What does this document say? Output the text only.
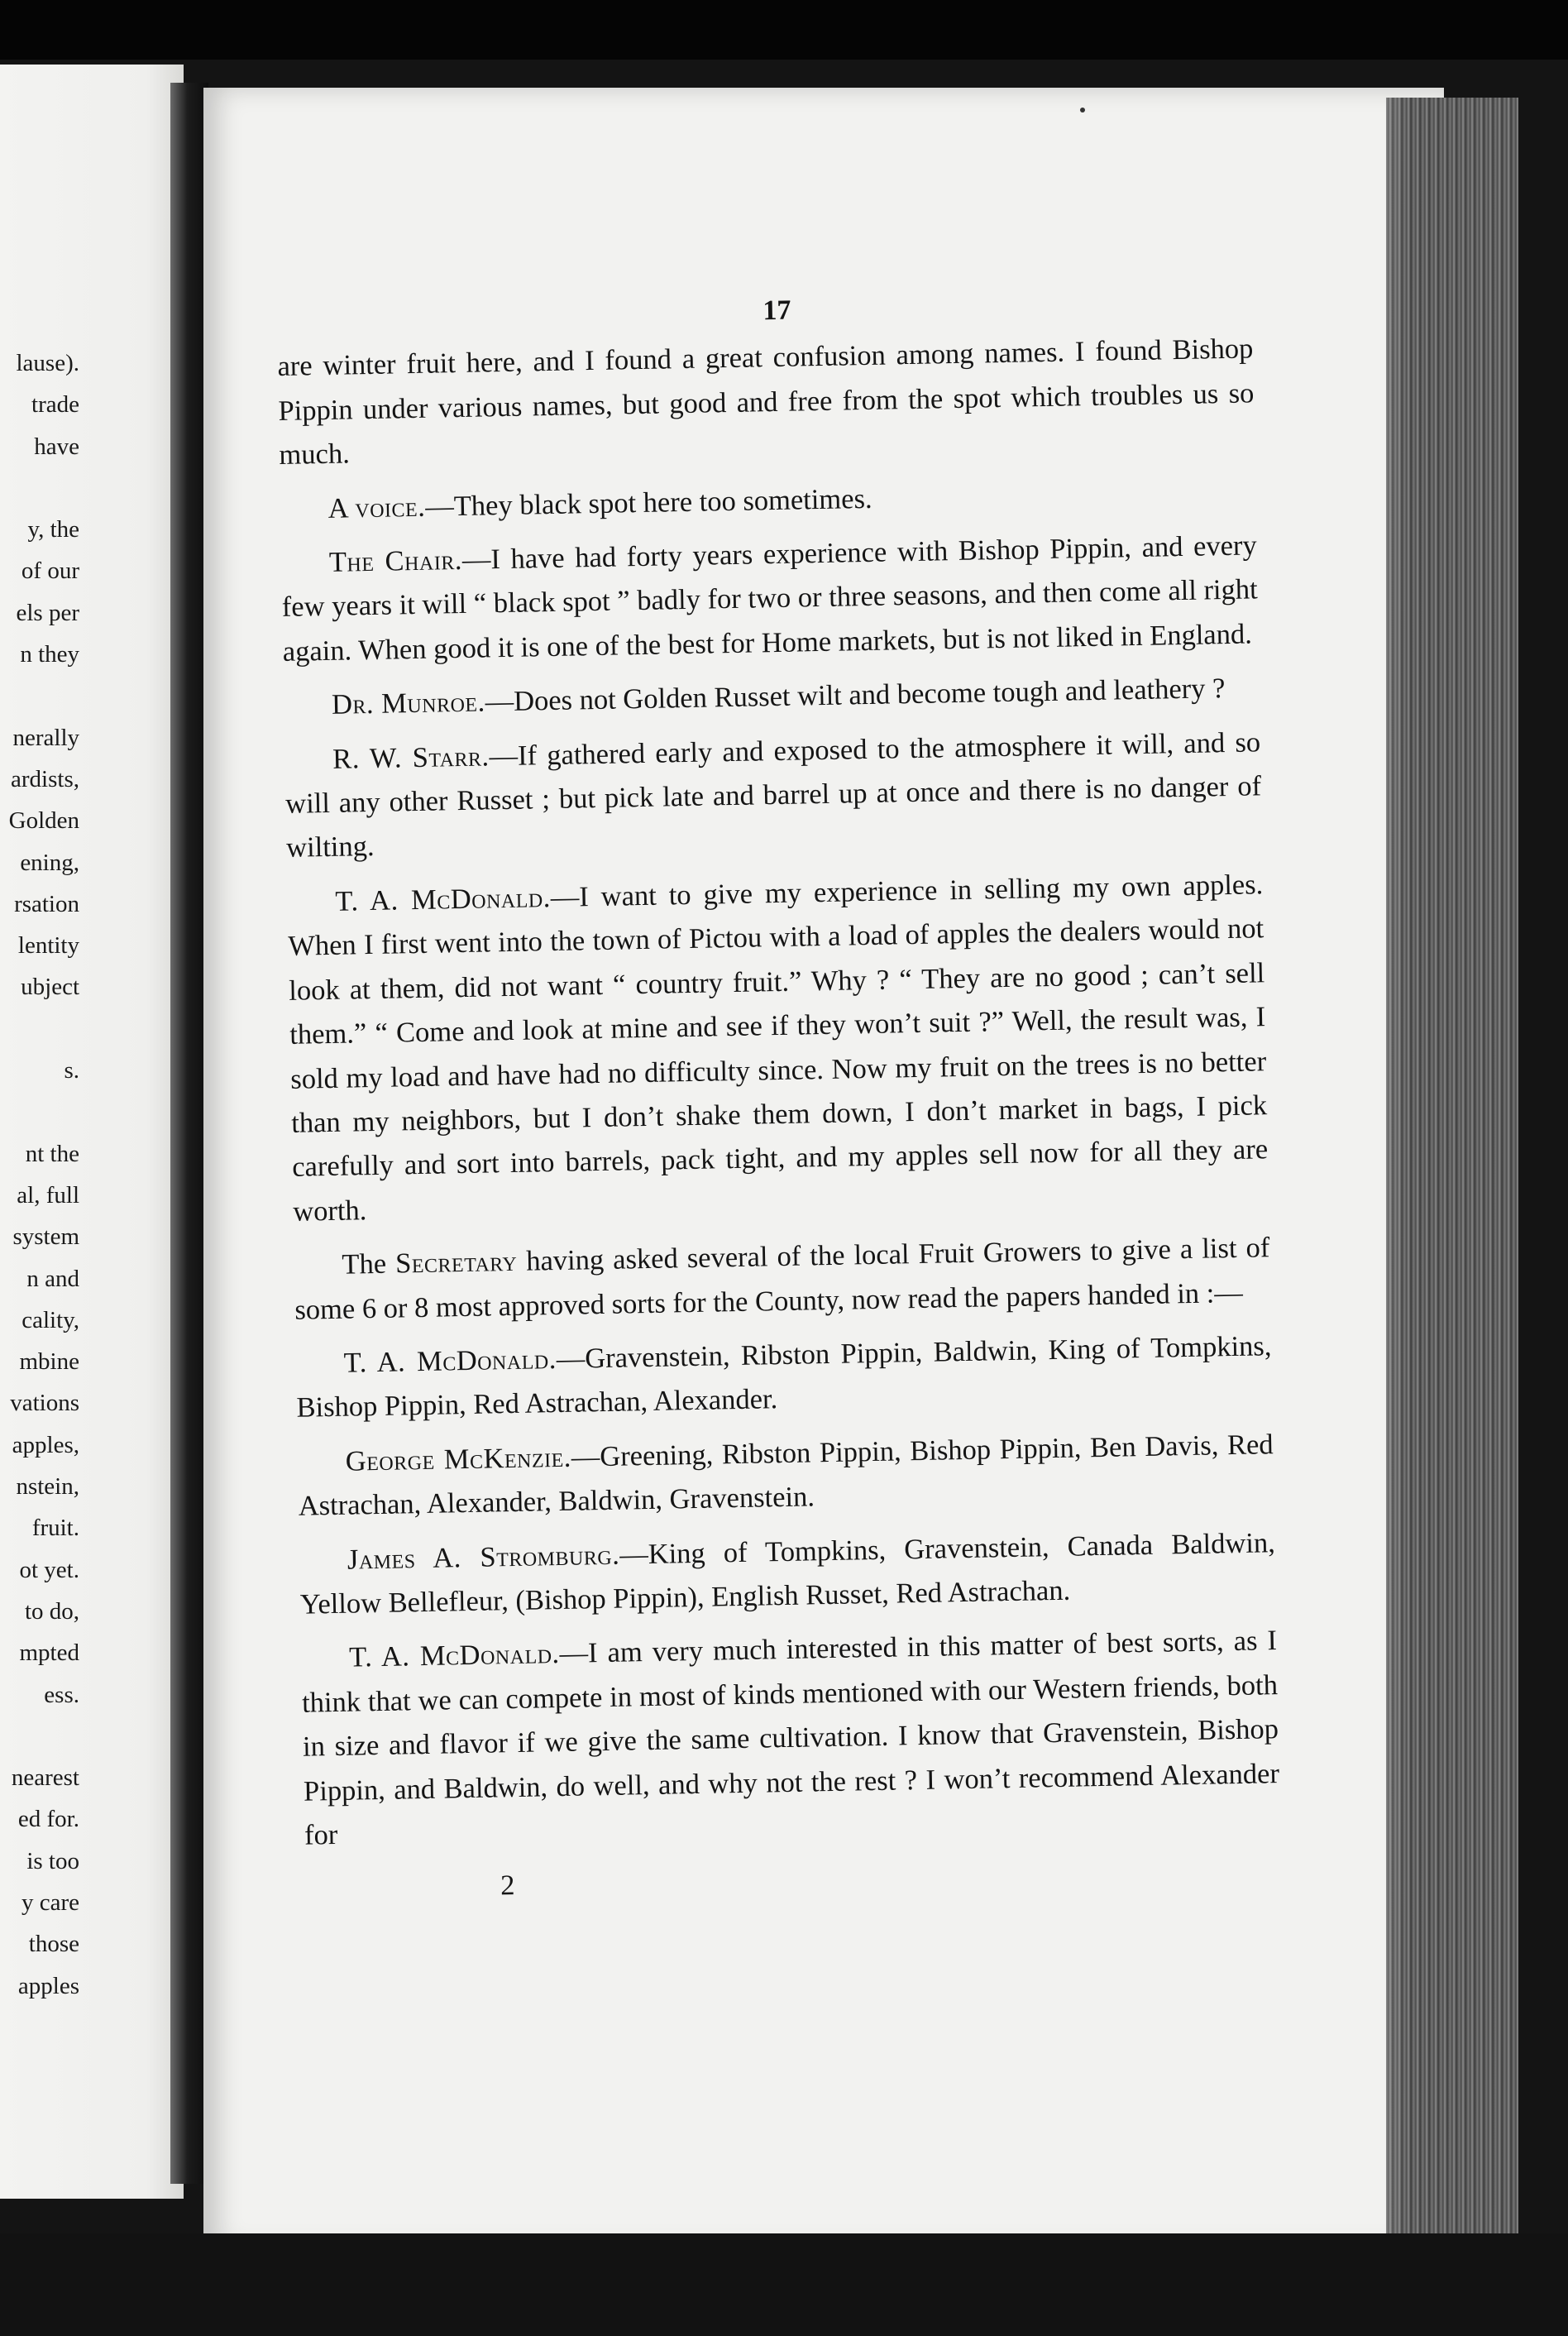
lause).
trade
have
y, the
of our
els per
n they
nerally
ardists,
Golden
ening,
rsation
lentity
ubject
s.
nt the
al, full
system
n and
cality,
mbine
vations
apples,
nstein,
fruit.
ot yet.
to do,
mpted
ess.
nearest
ed for.
is too
y care
those
apples
17

are winter fruit here, and I found a great confusion among names. I found Bishop Pippin under various names, but good and free from the spot which troubles us so much.

A voice.—They black spot here too sometimes.

The Chair.—I have had forty years experience with Bishop Pippin, and every few years it will “ black spot ” badly for two or three seasons, and then come all right again. When good it is one of the best for Home markets, but is not liked in England.

Dr. Munroe.—Does not Golden Russet wilt and become tough and leathery ?

R. W. Starr.—If gathered early and exposed to the atmosphere it will, and so will any other Russet ; but pick late and barrel up at once and there is no danger of wilting.

T. A. McDonald.—I want to give my experience in selling my own apples. When I first went into the town of Pictou with a load of apples the dealers would not look at them, did not want “ country fruit.” Why ? “ They are no good ; can’t sell them.” “ Come and look at mine and see if they won’t suit ?” Well, the result was, I sold my load and have had no difficulty since. Now my fruit on the trees is no better than my neighbors, but I don’t shake them down, I don’t market in bags, I pick carefully and sort into barrels, pack tight, and my apples sell now for all they are worth.

The Secretary having asked several of the local Fruit Growers to give a list of some 6 or 8 most approved sorts for the County, now read the papers handed in :—

T. A. McDonald.—Gravenstein, Ribston Pippin, Baldwin, King of Tompkins, Bishop Pippin, Red Astrachan, Alexander.

George McKenzie.—Greening, Ribston Pippin, Bishop Pippin, Ben Davis, Red Astrachan, Alexander, Baldwin, Gravenstein.

James A. Stromburg.—King of Tompkins, Gravenstein, Canada Baldwin, Yellow Bellefleur, (Bishop Pippin), English Russet, Red Astrachan.

T. A. McDonald.—I am very much interested in this matter of best sorts, as I think that we can compete in most of kinds mentioned with our Western friends, both in size and flavor if we give the same cultivation. I know that Gravenstein, Bishop Pippin, and Baldwin, do well, and why not the rest ? I won’t recommend Alexander for

2
